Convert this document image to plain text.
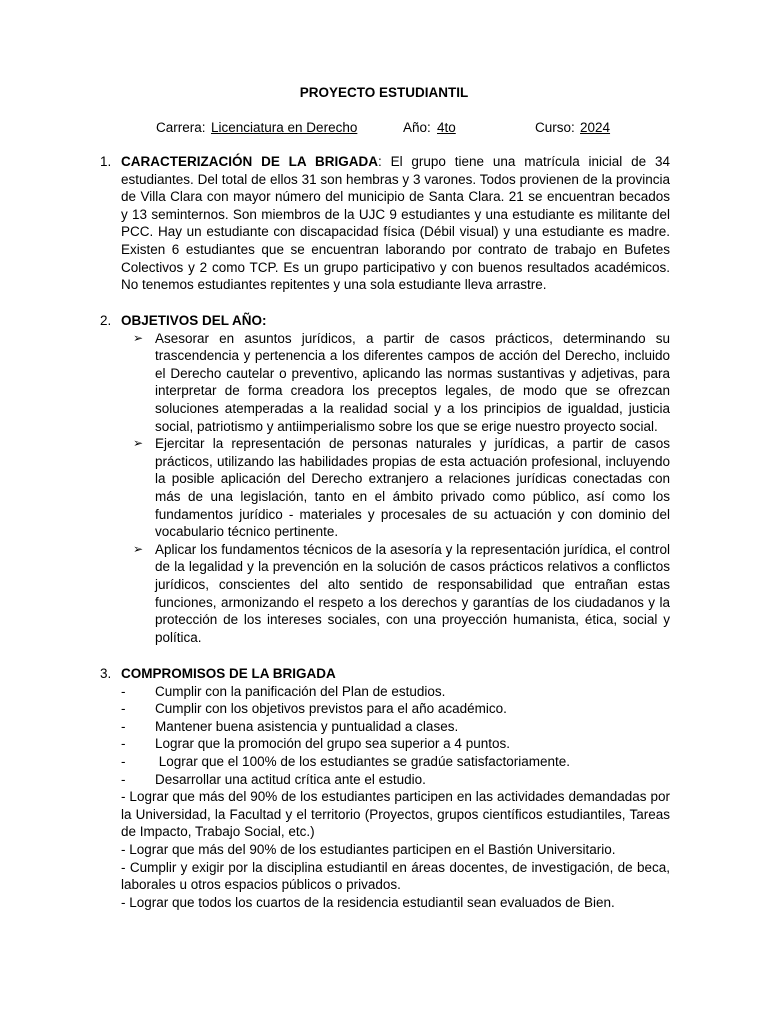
PROYECTO ESTUDIANTIL
Carrera: Licenciatura en Derecho	Año: 4to	Curso: 2024
1. CARACTERIZACIÓN DE LA BRIGADA: El grupo tiene una matrícula inicial de 34 estudiantes. Del total de ellos 31 son hembras y 3 varones. Todos provienen de la provincia de Villa Clara con mayor número del municipio de Santa Clara. 21 se encuentran becados y 13 seminternos. Son miembros de la UJC 9 estudiantes y una estudiante es militante del PCC. Hay un estudiante con discapacidad física (Débil visual) y una estudiante es madre. Existen 6 estudiantes que se encuentran laborando por contrato de trabajo en Bufetes Colectivos y 2 como TCP. Es un grupo participativo y con buenos resultados académicos. No tenemos estudiantes repitentes y una sola estudiante lleva arrastre.
2. OBJETIVOS DEL AÑO:
➢ Asesorar en asuntos jurídicos, a partir de casos prácticos, determinando su trascendencia y pertenencia a los diferentes campos de acción del Derecho, incluido el Derecho cautelar o preventivo, aplicando las normas sustantivas y adjetivas, para interpretar de forma creadora los preceptos legales, de modo que se ofrezcan soluciones atemperadas a la realidad social y a los principios de igualdad, justicia social, patriotismo y antiimperialismo sobre los que se erige nuestro proyecto social.
➢ Ejercitar la representación de personas naturales y jurídicas, a partir de casos prácticos, utilizando las habilidades propias de esta actuación profesional, incluyendo la posible aplicación del Derecho extranjero a relaciones jurídicas conectadas con más de una legislación, tanto en el ámbito privado como público, así como los fundamentos jurídico - materiales y procesales de su actuación y con dominio del vocabulario técnico pertinente.
➢ Aplicar los fundamentos técnicos de la asesoría y la representación jurídica, el control de la legalidad y la prevención en la solución de casos prácticos relativos a conflictos jurídicos, conscientes del alto sentido de responsabilidad que entrañan estas funciones, armonizando el respeto a los derechos y garantías de los ciudadanos y la protección de los intereses sociales, con una proyección humanista, ética, social y política.
3. COMPROMISOS DE LA BRIGADA
- Cumplir con la panificación del Plan de estudios.
- Cumplir con los objetivos previstos para el año académico.
- Mantener buena asistencia y puntualidad a clases.
- Lograr que la promoción del grupo sea superior a 4 puntos.
- Lograr que el 100% de los estudiantes se gradúe satisfactoriamente.
- Desarrollar una actitud crítica ante el estudio.
- Lograr que más del 90% de los estudiantes participen en las actividades demandadas por la Universidad, la Facultad y el territorio (Proyectos, grupos científicos estudiantiles, Tareas de Impacto, Trabajo Social, etc.)
- Lograr que más del 90% de los estudiantes participen en el Bastión Universitario.
- Cumplir y exigir por la disciplina estudiantil en áreas docentes, de investigación, de beca, laborales u otros espacios públicos o privados.
- Lograr que todos los cuartos de la residencia estudiantil sean evaluados de Bien.
